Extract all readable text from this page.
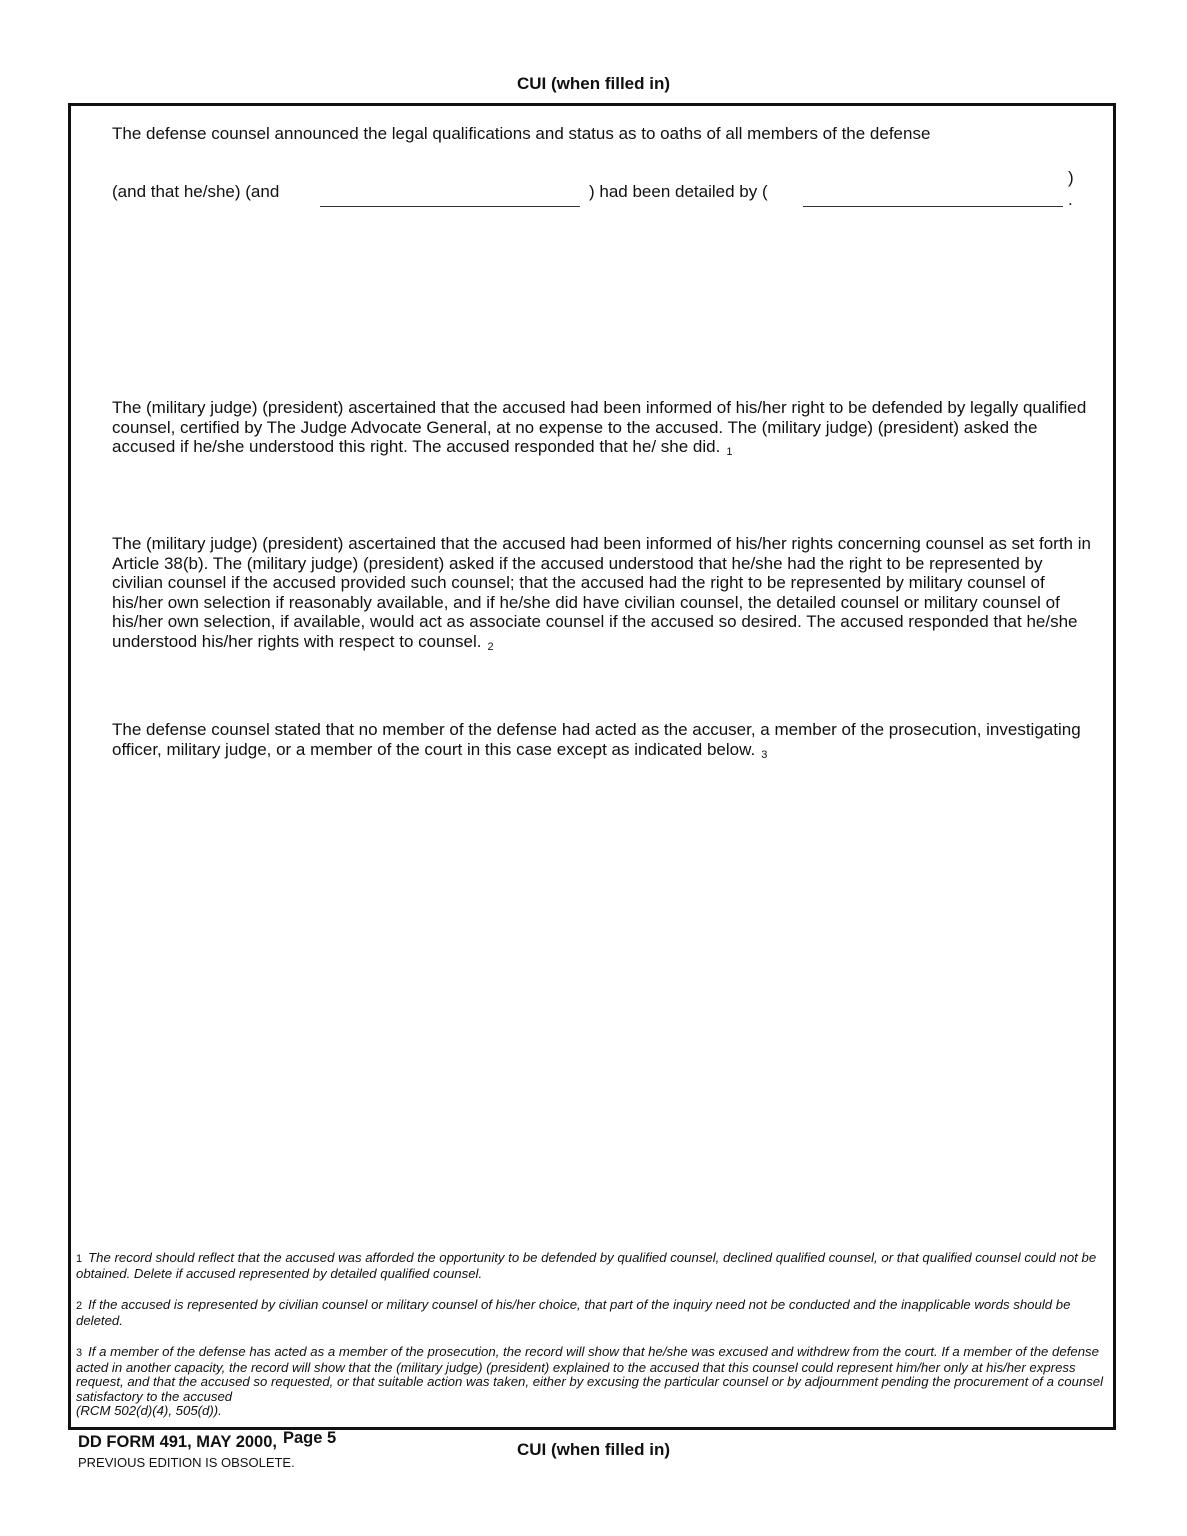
CUI (when filled in)
The defense counsel announced the legal qualifications and status as to oaths of all members of the defense
(and that he/she) (and	) had been detailed by (
)
.
The (military judge) (president) ascertained that the accused had been informed of his/her right to be defended by legally qualified counsel, certified by The Judge Advocate General, at no expense to the accused. The (military judge) (president) asked the accused if he/she understood this right. The accused responded that he/ she did. 1
The (military judge) (president) ascertained that the accused had been informed of his/her rights concerning counsel as set forth in Article 38(b). The (military judge) (president) asked if the accused understood that he/she had the right to be represented by civilian counsel if the accused provided such counsel; that the accused had the right to be represented by military counsel of his/her own selection if reasonably available, and if he/she did have civilian counsel, the detailed counsel or military counsel of his/her own selection, if available, would act as associate counsel if the accused so desired. The accused responded that he/she understood his/her rights with respect to counsel. 2
The defense counsel stated that no member of the defense had acted as the accuser, a member of the prosecution, investigating officer, military judge, or a member of the court in this case except as indicated below. 3
1 The record should reflect that the accused was afforded the opportunity to be defended by qualified counsel, declined qualified counsel, or that qualified counsel could not be obtained. Delete if accused represented by detailed qualified counsel.
2 If the accused is represented by civilian counsel or military counsel of his/her choice, that part of the inquiry need not be conducted and the inapplicable words should be deleted.
3 If a member of the defense has acted as a member of the prosecution, the record will show that he/she was excused and withdrew from the court. If a member of the defense acted in another capacity, the record will show that the (military judge) (president) explained to the accused that this counsel could represent him/her only at his/her express request, and that the accused so requested, or that suitable action was taken, either by excusing the particular counsel or by adjournment pending the procurement of a counsel satisfactory to the accused
(RCM 502(d)(4), 505(d)).
DD FORM 491, MAY 2000, Page 5
PREVIOUS EDITION IS OBSOLETE.
CUI (when filled in)
